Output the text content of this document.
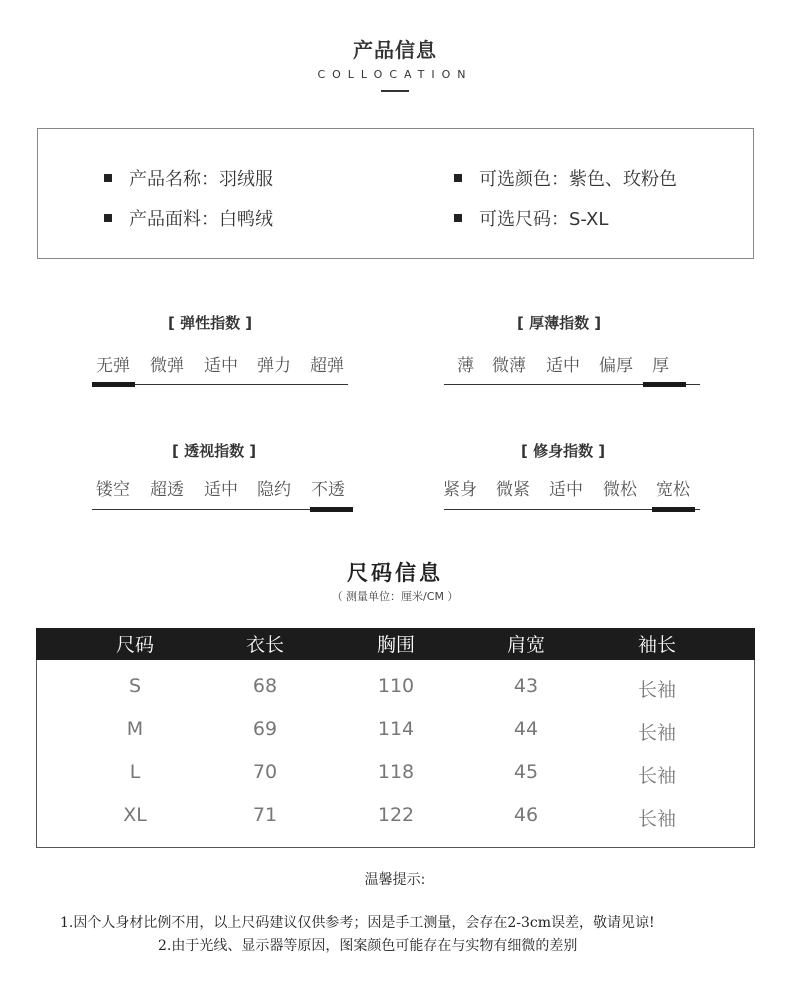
产品信息
COLLOCATION
产品名称：羽绒服	可选颜色：紫色、玫粉色
产品面料：白鸭绒	可选尺码：S-XL
[ 弹性指数 ]
无弹 微弹 适中 弹力 超弹
[ 厚薄指数 ]
薄 微薄 适中 偏厚 厚
[ 透视指数 ]
镂空 超透 适中 隐约 不透
[ 修身指数 ]
紧身 微紧 适中 微松 宽松
尺码信息
（ 测量单位：厘米/CM ）
尺码	衣长	胸围	肩宽	袖长
S	68	110	43	长袖
M	69	114	44	长袖
L	70	118	45	长袖
XL	71	122	46	长袖
温馨提示:
1.因个人身材比例不用，以上尺码建议仅供参考；因是手工测量，会存在2-3cm误差，敬请见谅!
2.由于光线、显示器等原因，图案颜色可能存在与实物有细微的差别
